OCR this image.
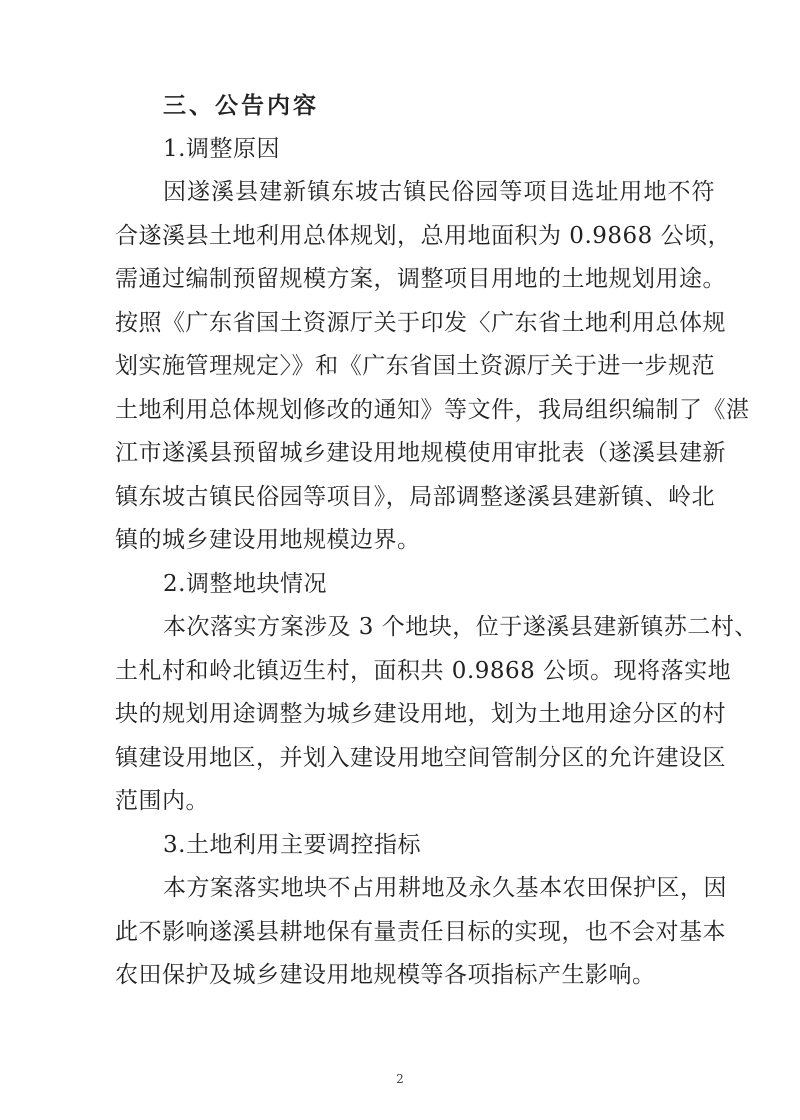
三、公告内容
1.调整原因
因遂溪县建新镇东坡古镇民俗园等项目选址用地不符
合遂溪县土地利用总体规划，总用地面积为 0.9868 公顷，
需通过编制预留规模方案，调整项目用地的土地规划用途。
按照《广东省国土资源厅关于印发〈广东省土地利用总体规
划实施管理规定〉》和《广东省国土资源厅关于进一步规范
土地利用总体规划修改的通知》等文件，我局组织编制了《湛
江市遂溪县预留城乡建设用地规模使用审批表（遂溪县建新
镇东坡古镇民俗园等项目》，局部调整遂溪县建新镇、岭北
镇的城乡建设用地规模边界。
2.调整地块情况
本次落实方案涉及 3 个地块，位于遂溪县建新镇苏二村、
土札村和岭北镇迈生村，面积共 0.9868 公顷。现将落实地
块的规划用途调整为城乡建设用地，划为土地用途分区的村
镇建设用地区，并划入建设用地空间管制分区的允许建设区
范围内。
3.土地利用主要调控指标
本方案落实地块不占用耕地及永久基本农田保护区，因
此不影响遂溪县耕地保有量责任目标的实现，也不会对基本
农田保护及城乡建设用地规模等各项指标产生影响。
2
